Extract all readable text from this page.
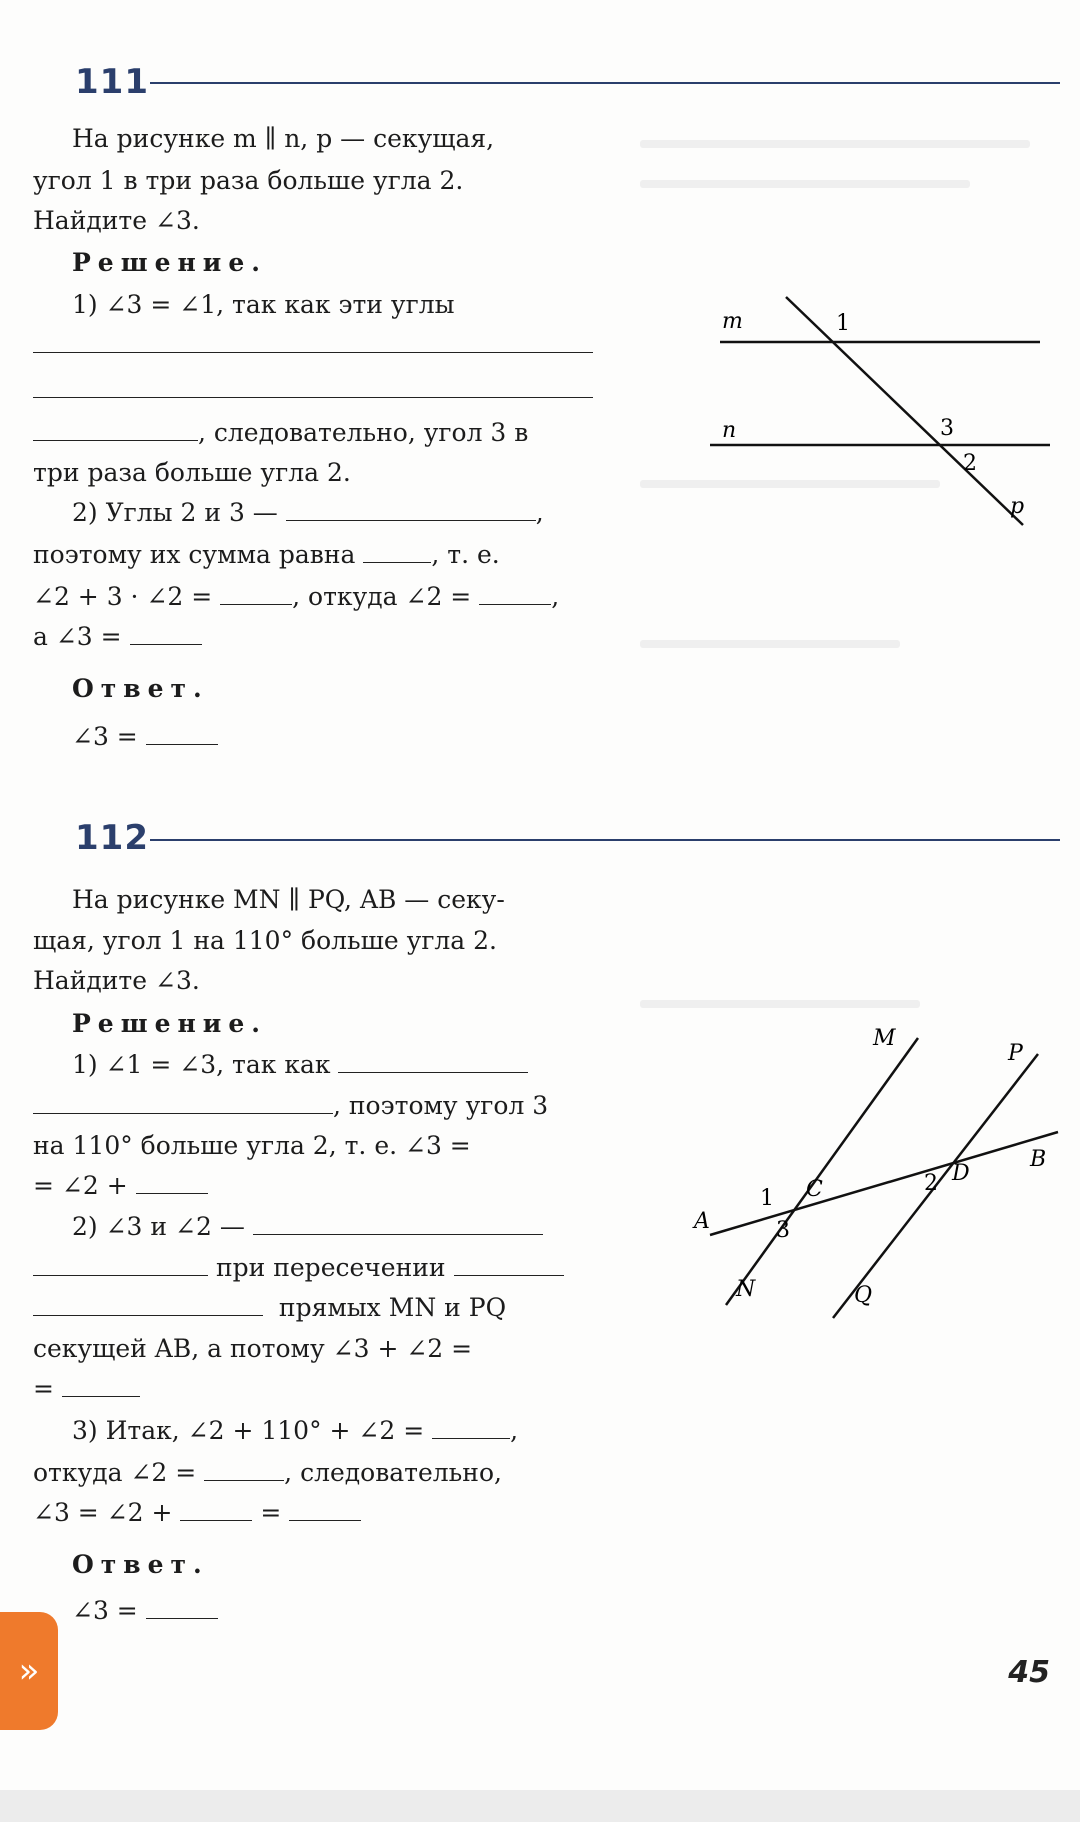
111
На рисунке m ∥ n, p — секущая,
угол 1 в три раза больше угла 2.
Найдите ∠3.
Решение.
1) ∠3 = ∠1, так как эти углы
, следовательно, угол 3 в
три раза больше угла 2.
2) Углы 2 и 3 —	,
поэтому их сумма равна	, т. е.
∠2 + 3 · ∠2 =	, откуда ∠2 =	,
а ∠3 =
Ответ.
∠3 =
m
n
1
3
2
p
112
На рисунке MN ∥ PQ, AB — секу-
щая, угол 1 на 110° больше угла 2.
Найдите ∠3.
Решение.
1) ∠1 = ∠3, так как
, поэтому угол 3
на 110° больше угла 2, т. е. ∠3 =
= ∠2 +
2) ∠3 и ∠2 —
при пересечении
прямых MN и PQ
секущей AB, а потому ∠3 + ∠2 =
=
3) Итак, ∠2 + 110° + ∠2 =	,
откуда ∠2 =	, следовательно,
∠3 = ∠2 +	=
Ответ.
∠3 =
M
P
B
A
N	Q
C
D
1
2
3
45
»
